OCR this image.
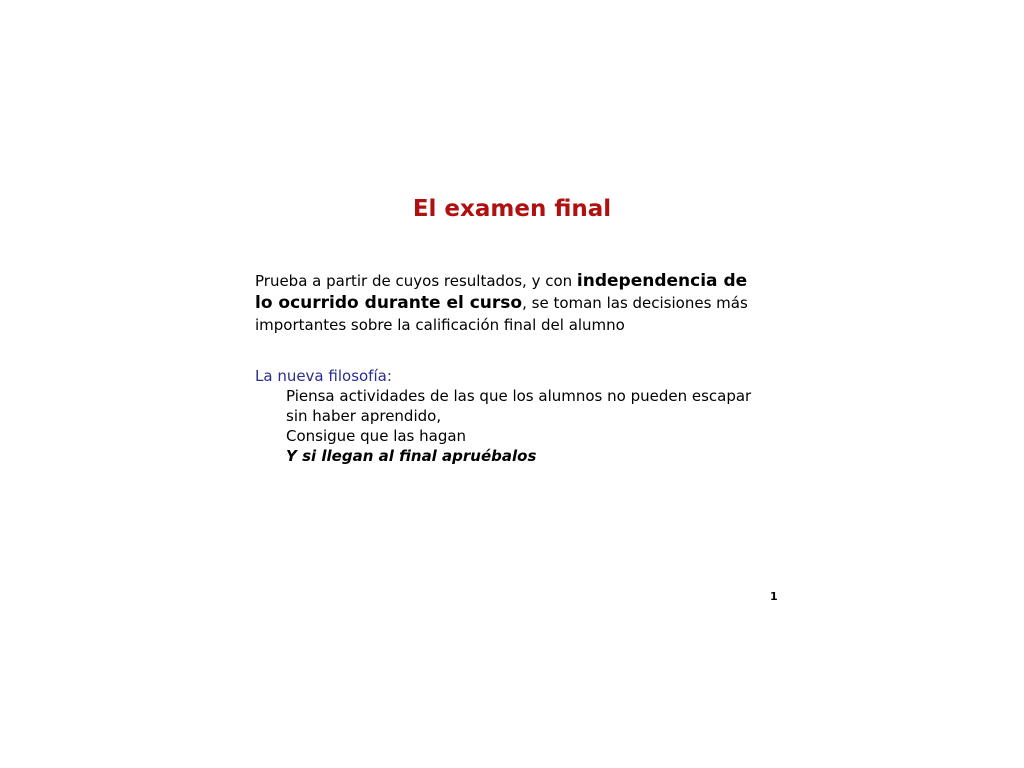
El examen final

Prueba a partir de cuyos resultados, y con independencia de lo ocurrido durante el curso, se toman las decisiones más importantes sobre la calificación final del alumno

La nueva filosofía:
Piensa actividades de las que los alumnos no pueden escapar sin haber aprendido,
Consigue que las hagan
Y si llegan al final apruébalos
1
